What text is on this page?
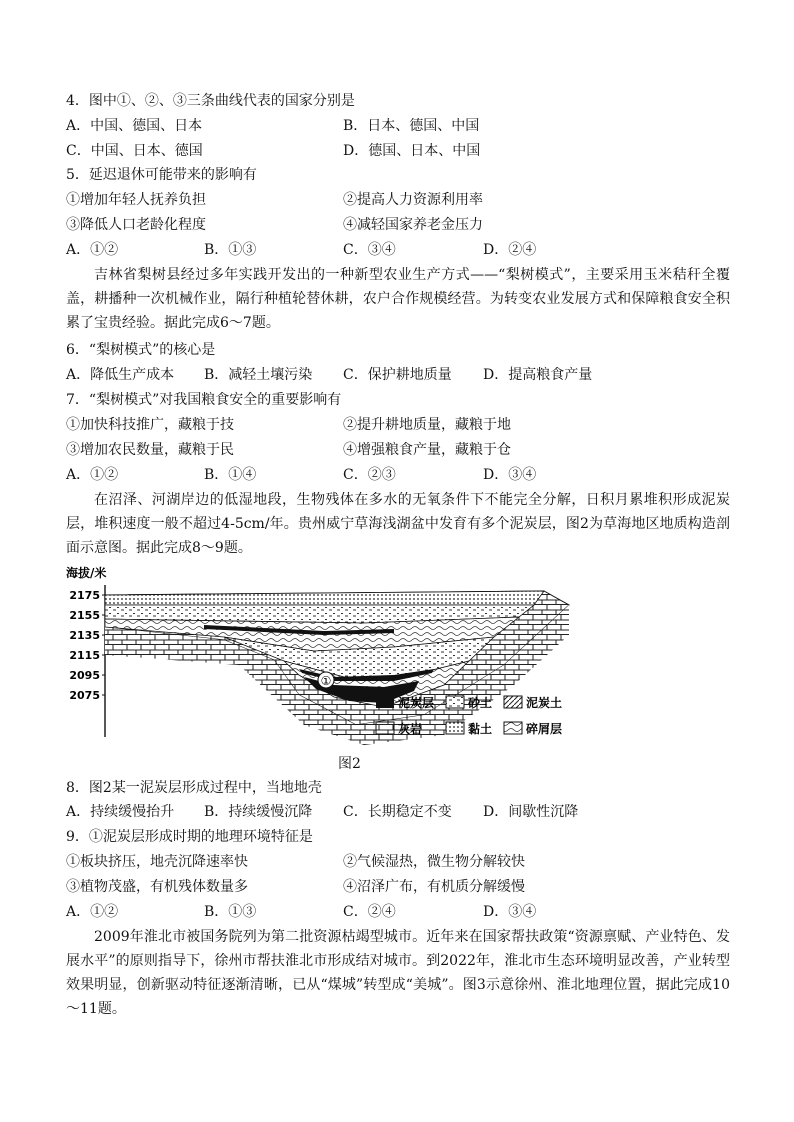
4．图中①、②、③三条曲线代表的国家分别是
A．中国、德国、日本	B．日本、德国、中国
C．中国、日本、德国	D．德国、日本、中国
5．延迟退休可能带来的影响有
①增加年轻人抚养负担	②提高人力资源利用率
③降低人口老龄化程度	④减轻国家养老金压力
A．①②	B．①③	C．③④	D．②④
吉林省梨树县经过多年实践开发出的一种新型农业生产方式——“梨树模式”，主要采用玉米秸秆全覆盖，耕播种一次机械作业，隔行种植轮替休耕，农户合作规模经营。为转变农业发展方式和保障粮食安全积累了宝贵经验。据此完成6～7题。
6．“梨树模式”的核心是
A．降低生产成本 B．减轻土壤污染 C．保护耕地质量 D．提高粮食产量
7．“梨树模式”对我国粮食安全的重要影响有
①加快科技推广，藏粮于技	②提升耕地质量，藏粮于地
③增加农民数量，藏粮于民	④增强粮食产量，藏粮于仓
A．①②	B．①④	C．②③	D．③④
在沼泽、河湖岸边的低湿地段，生物残体在多水的无氧条件下不能完全分解，日积月累堆积形成泥炭层，堆积速度一般不超过4-5cm/年。贵州威宁草海浅湖盆中发育有多个泥炭层，图2为草海地区地质构造剖面示意图。据此完成8～9题。
海拔/米
2175
2155
2135
2115
2095
2075
①
泥炭层	砂土	泥炭土
灰岩	黏土	碎屑层
图2
8．图2某一泥炭层形成过程中，当地地壳
A．持续缓慢抬升 B．持续缓慢沉降 C．长期稳定不变 D．间歇性沉降
9．①泥炭层形成时期的地理环境特征是
①板块挤压，地壳沉降速率快	②气候湿热，微生物分解较快
③植物茂盛，有机残体数量多	④沼泽广布，有机质分解缓慢
A．①②	B．①③	C．②④	D．③④
2009年淮北市被国务院列为第二批资源枯竭型城市。近年来在国家帮扶政策“资源禀赋、产业特色、发展水平”的原则指导下，徐州市帮扶淮北市形成结对城市。到2022年，淮北市生态环境明显改善，产业转型效果明显，创新驱动特征逐渐清晰，已从“煤城”转型成“美城”。图3示意徐州、淮北地理位置，据此完成10～11题。
